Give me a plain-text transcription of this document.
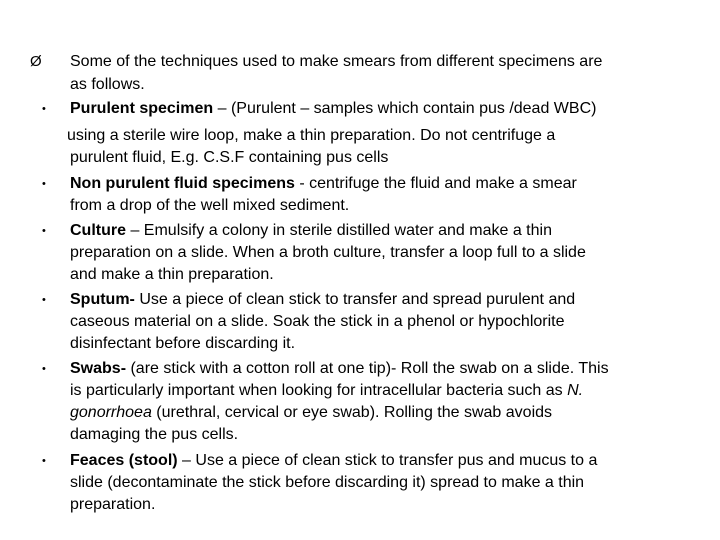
Ø Some of the techniques used to make smears from different specimens are
as follows.
• Purulent specimen – (Purulent – samples which contain pus /dead WBC)
using a sterile wire loop, make a thin preparation. Do not centrifuge a
purulent fluid, E.g. C.S.F containing pus cells
• Non purulent fluid specimens - centrifuge the fluid and make a smear
from a drop of the well mixed sediment.
• Culture – Emulsify a colony in sterile distilled water and make a thin
preparation on a slide. When a broth culture, transfer a loop full to a slide
and make a thin preparation.
• Sputum- Use a piece of clean stick to transfer and spread purulent and
caseous material on a slide. Soak the stick in a phenol or hypochlorite
disinfectant before discarding it.
• Swabs- (are stick with a cotton roll at one tip)- Roll the swab on a slide. This
is particularly important when looking for intracellular bacteria such as N.
gonorrhoea (urethral, cervical or eye swab). Rolling the swab avoids
damaging the pus cells.
• Feaces (stool) – Use a piece of clean stick to transfer pus and mucus to a
slide (decontaminate the stick before discarding it) spread to make a thin
preparation.
